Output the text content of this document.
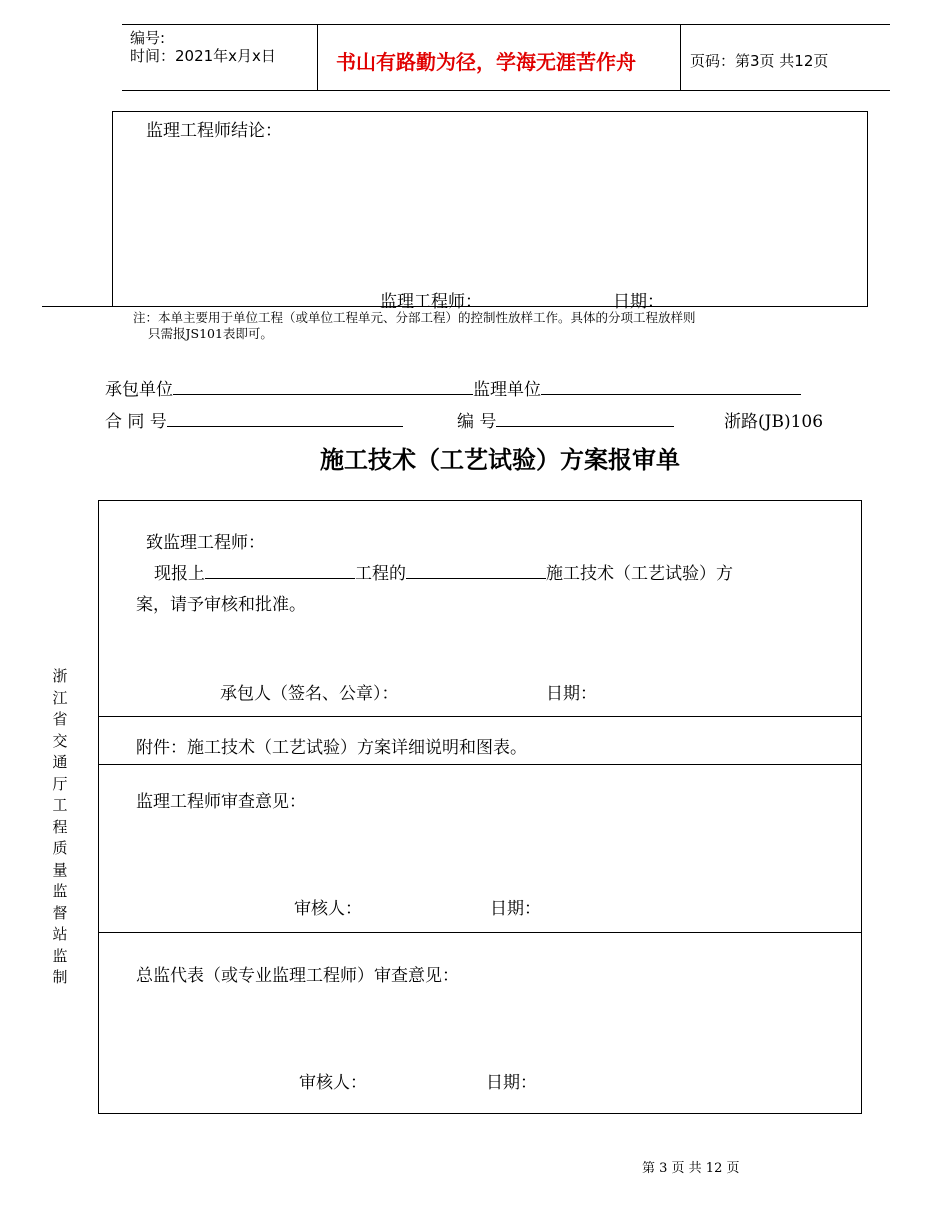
编号:
时间：2021年x月x日	书山有路勤为径，学海无涯苦作舟	页码：第3页 共12页
监理工程师结论：
监理工程师：	日期：
注：本单主要用于单位工程（或单位工程单元、分部工程）的控制性放样工作。具体的分项工程放样则
只需报JS101表即可。
承包单位	监理单位
合 同 号	编 号	浙路(JB)106
施工技术（工艺试验）方案报审单
致监理工程师：
现报上	工程的	施工技术（工艺试验）方
案，请予审核和批准。
承包人（签名、公章）：	日期：
附件：施工技术（工艺试验）方案详细说明和图表。
监理工程师审查意见：
审核人：	日期：
总监代表（或专业监理工程师）审查意见：
审核人：	日期：
浙江省交通厅工程质量监督站监制
第 3 页 共 12 页
